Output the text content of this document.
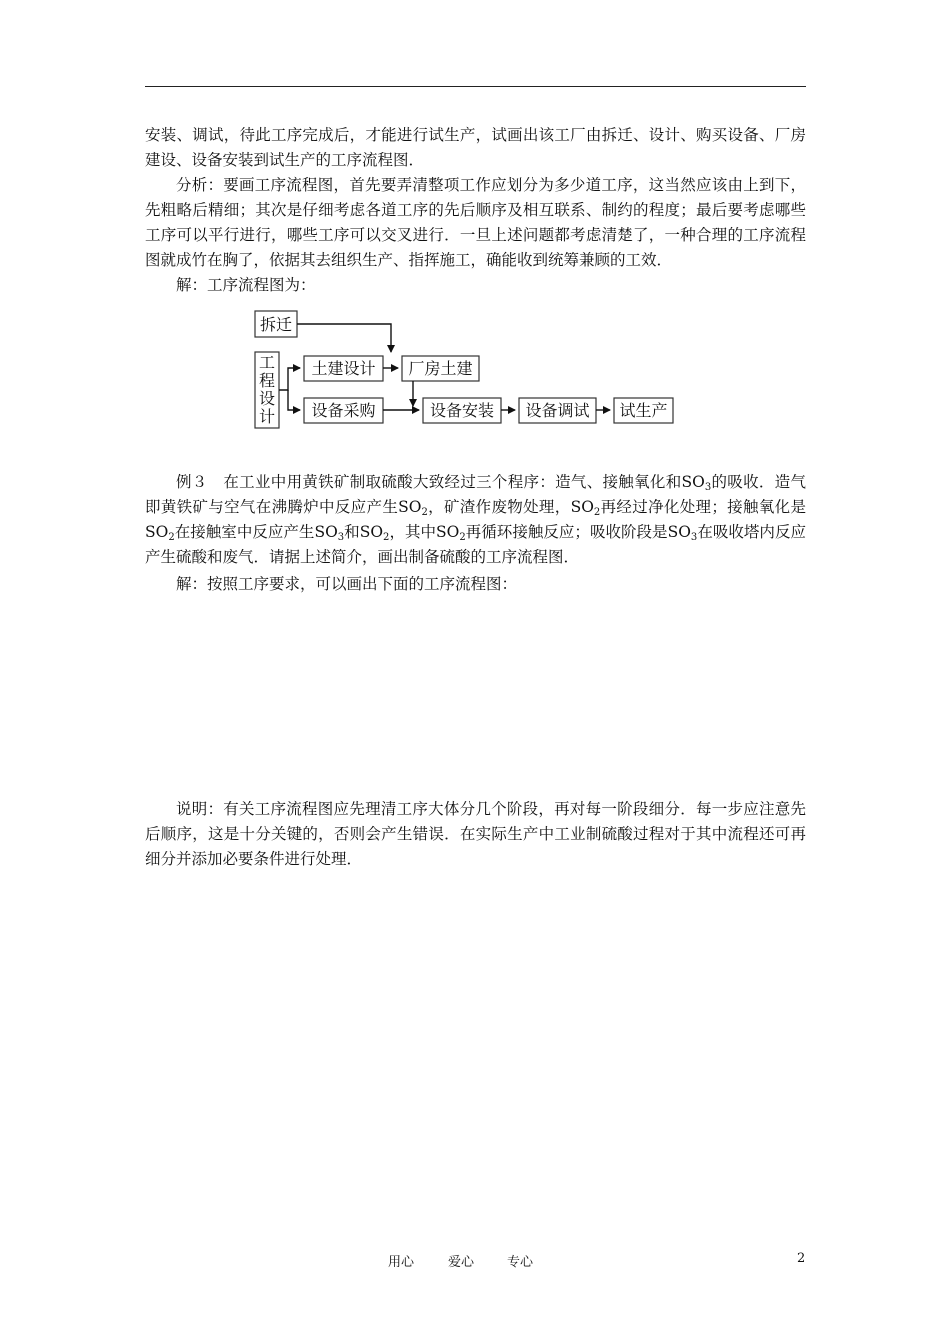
安装、调试，待此工序完成后，才能进行试生产，试画出该工厂由拆迁、设计、购买设备、厂房建设、设备安装到试生产的工序流程图．

分析：要画工序流程图，首先要弄清整项工作应划分为多少道工序，这当然应该由上到下，先粗略后精细；其次是仔细考虑各道工序的先后顺序及相互联系、制约的程度；最后要考虑哪些工序可以平行进行，哪些工序可以交叉进行．一旦上述问题都考虑清楚了，一种合理的工序流程图就成竹在胸了，依据其去组织生产、指挥施工，确能收到统筹兼顾的工效．

解：工序流程图为：

拆迁
工
程
设
计
土建设计
设备采购
厂房土建
设备安装 设备调试 试生产

例３　在工业中用黄铁矿制取硫酸大致经过三个程序：造气、接触氧化和$SO_3$的吸收．造气即黄铁矿与空气在沸腾炉中反应产生$SO_2$，矿渣作废物处理，$SO_2$再经过净化处理；接触氧化是$SO_2$在接触室中反应产生$SO_3$和$SO_2$，其中$SO_2$再循环接触反应；吸收阶段是$SO_3$在吸收塔内反应产生硫酸和废气．请据上述简介，画出制备硫酸的工序流程图．

解：按照工序要求，可以画出下面的工序流程图：

说明：有关工序流程图应先理清工序大体分几个阶段，再对每一阶段细分．每一步应注意先后顺序，这是十分关键的，否则会产生错误．在实际生产中工业制硫酸过程对于其中流程还可再细分并添加必要条件进行处理．

用心	爱心	专心	2
